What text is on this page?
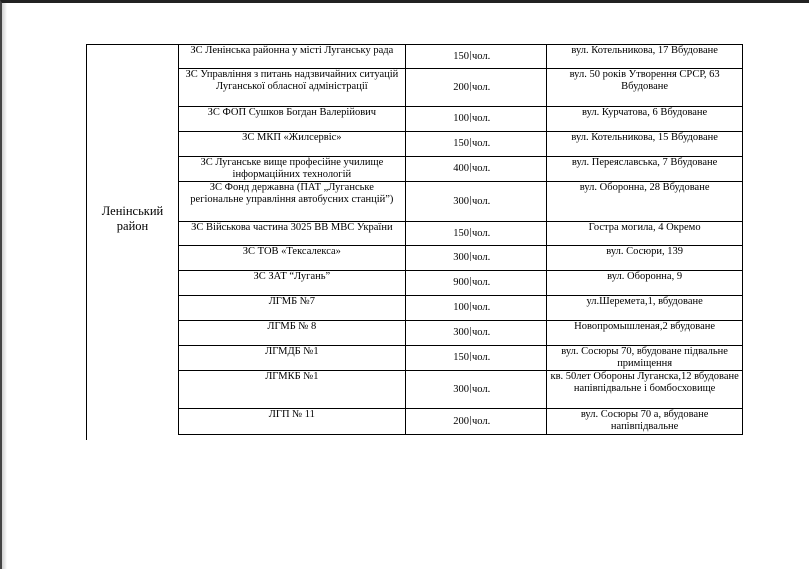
Ленінський район
ЗС Ленінська районна у місті Луганську рада	150	чол.	вул. Котельникова, 17 Вбудоване
ЗС Управління з питань надзвичайних ситуацій Луганської обласної адміністрації	200	чол.	вул. 50 років Утворення СРСР, 63 Вбудоване
ЗС ФОП Сушков Богдан Валерійович	100	чол.	вул. Курчатова, 6 Вбудоване
ЗС МКП «Жилсервіс»	150	чол.	вул. Котельникова, 15 Вбудоване
ЗС Луганське вище професійне училище інформаційних технологій	400	чол.	вул. Переяславська, 7 Вбудоване
ЗС Фонд державна (ПАТ „Луганське регіональне управління автобусних станцій”)	300	чол.	вул. Оборонна, 28 Вбудоване
ЗС Військова частина 3025 ВВ МВС України	150	чол.	Гостра могила, 4 Окремо
ЗС ТОВ «Тексалекса»	300	чол.	вул. Сосюри, 139
ЗС ЗАТ “Лугань”	900	чол.	вул. Оборонна, 9
ЛГМБ №7	100	чол.	ул.Шеремета,1, вбудоване
ЛГМБ № 8	300	чол.	Новопромышленая,2 вбудоване
ЛГМДБ №1	150	чол.	вул. Сосюры 70, вбудоване підвальне приміщення
ЛГМКБ №1	300	чол.	кв. 50лет Обороны Луганска,12 вбудоване напівпідвальне і бомбосховище
ЛГП № 11	200	чол.	вул. Сосюры 70 а, вбудоване напівпідвальне
